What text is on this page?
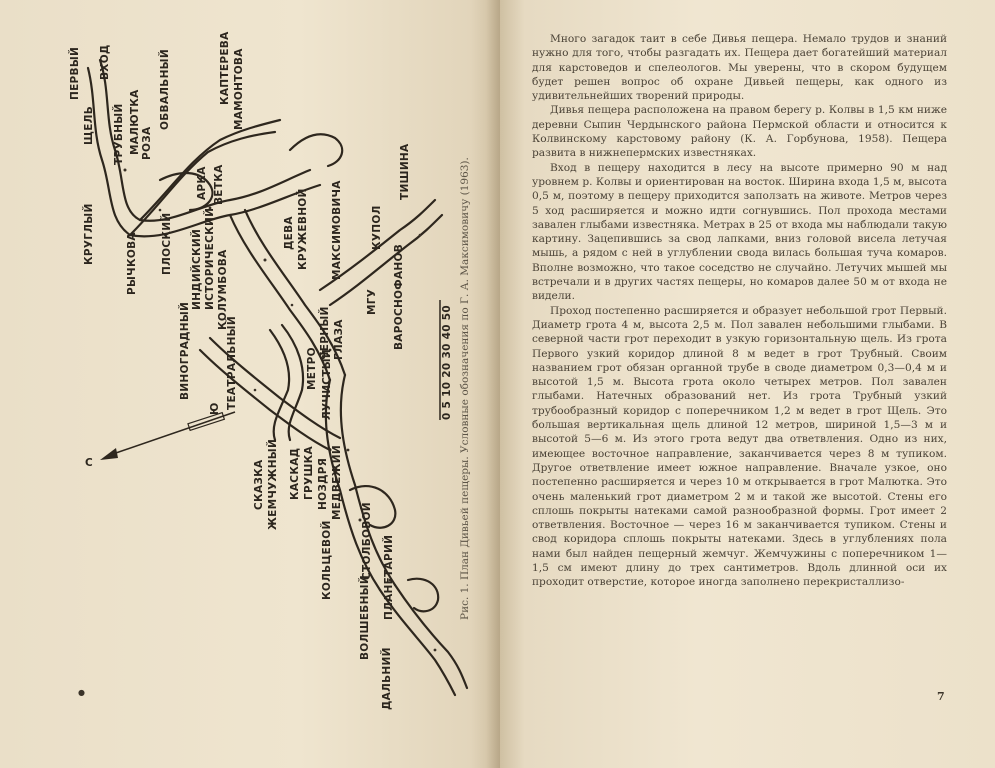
С
Ю	0 5 10 20 30 40 50
ПЕРВЫЙ
ЩЕЛЬ
ВХОД
ТРУБНЫЙ МАЛЮТКА РОЗА
ОБВАЛЬНЫЙ	КАПТЕРЕВА МАМОНТОВА
АРКА ВЕТКА
КРУГЛЫЙ	РЫЧКОВА ПЛОСКИЙ ИНДИЙСКИЙ ИСТОРИЧЕСКИЙ КОЛУМБОВА
ДЕВА КРУЖЕВНОЙ МАКСИМОВИЧА	КУПОЛ
ТИШИНА
МГУ ВАРОСНОФАНОВ
ВИНОГРАДНЫЙ	ТЕАТРАЛЬНЫЙ	МЕТРО
ЧЕРНЫЙ ГЛАЗА
ЛУЧИСТЫЙ
СКАЗКА ЖЕМЧУЖНЫЙ КАСКАД ГРУШКА НОЗДРЯ МЕДВЕЖИЙ
КОЛЬЦЕВОЙ	СТОЛБОВОЙ
ВОЛШЕБНЫЙ ПЛАНЕТАРИЙ
ДАЛЬНИЙ
Рис. 1. План Дивьей пещеры. Условные обозначения по Г. А. Максимовичу (1963).
●

Много загадок таит в себе Дивья пещера. Немало трудов и знаний нужно для того, чтобы разгадать их. Пещера дает богатейший материал для карстоведов и спелеологов. Мы уверены, что в скором будущем будет решен вопрос об охране Дивьей пещеры, как одного из удивительнейших творений природы.

Дивья пещера расположена на правом берегу р. Колвы в 1,5 км ниже деревни Сыпин Чердынского района Пермской области и относится к Колвинскому карстовому району (К. А. Горбунова, 1958). Пещера развита в нижнепермских известняках.

Вход в пещеру находится в лесу на высоте примерно 90 м над уровнем р. Колвы и ориентирован на восток. Ширина входа 1,5 м, высота 0,5 м, поэтому в пещеру приходится заползать на животе. Метров через 5 ход расширяется и можно идти согнувшись. Пол прохода местами завален глыбами известняка. Метрах в 25 от входа мы наблюдали такую картину. Зацепившись за свод лапками, вниз головой висела летучая мышь, а рядом с ней в углублении свода вилась большая туча комаров. Вполне возможно, что такое соседство не случайно. Летучих мышей мы встречали и в других частях пещеры, но комаров далее 50 м от входа не видели.

Проход постепенно расширяется и образует небольшой грот Первый. Диаметр грота 4 м, высота 2,5 м. Пол завален небольшими глыбами. В северной части грот переходит в узкую горизонтальную щель. Из грота Первого узкий коридор длиной 8 м ведет в грот Трубный. Своим названием грот обязан органной трубе в своде диаметром 0,3—0,4 м и высотой 1,5 м. Высота грота около четырех метров. Пол завален глыбами. Натечных образований нет. Из грота Трубный узкий трубообразный коридор с поперечником 1,2 м ведет в грот Щель. Это большая вертикальная щель длиной 12 метров, шириной 1,5—3 м и высотой 5—6 м. Из этого грота ведут два ответвления. Одно из них, имеющее восточное направление, заканчивается через 8 м тупиком. Другое ответвление имеет южное направление. Вначале узкое, оно постепенно расширяется и через 10 м открывается в грот Малютка. Это очень маленький грот диаметром 2 м и такой же высотой. Стены его сплошь покрыты натеками самой разнообразной формы. Грот имеет 2 ответвления. Восточное — через 16 м заканчивается тупиком. Стены и свод коридора сплошь покрыты натеками. Здесь в углублениях пола нами был найден пещерный жемчуг. Жемчужины с поперечником 1—1,5 см имеют длину до трех сантиметров. Вдоль длинной оси их проходит отверстие, которое иногда заполнено перекристаллизо-

7
